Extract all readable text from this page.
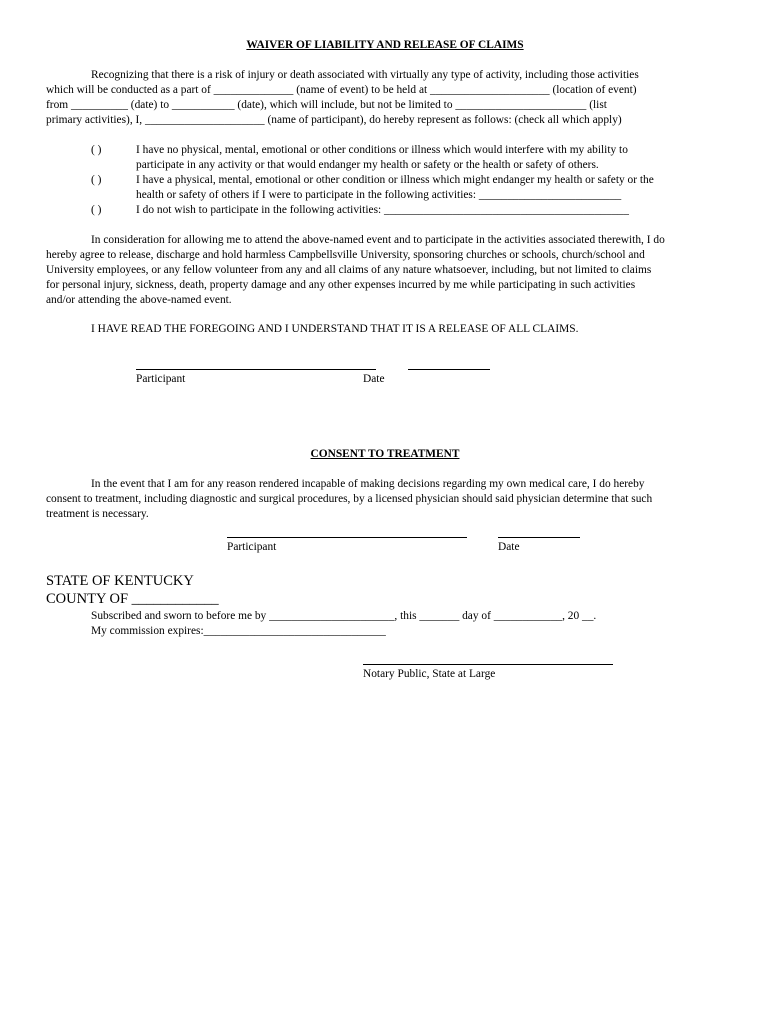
WAIVER OF LIABILITY AND RELEASE OF CLAIMS
Recognizing that there is a risk of injury or death associated with virtually any type of activity, including those activities
which will be conducted as a part of ______________ (name of event) to be held at _____________________ (location of event)
from __________ (date) to ___________ (date), which will include, but not be limited to _______________________ (list
primary activities), I, _____________________ (name of participant), do hereby represent as follows: (check all which apply)
( )	I have no physical, mental, emotional or other conditions or illness which would interfere with my ability to
participate in any activity or that would endanger my health or safety or the health or safety of others.
( )	I have a physical, mental, emotional or other condition or illness which might endanger my health or safety or the
health or safety of others if I were to participate in the following activities: _________________________
( )	I do not wish to participate in the following activities: ___________________________________________
In consideration for allowing me to attend the above-named event and to participate in the activities associated therewith, I do
hereby agree to release, discharge and hold harmless Campbellsville University, sponsoring churches or schools, church/school and
University employees, or any fellow volunteer from any and all claims of any nature whatsoever, including, but not limited to claims
for personal injury, sickness, death, property damage and any other expenses incurred by me while participating in such activities
and/or attending the above-named event.
I HAVE READ THE FOREGOING AND I UNDERSTAND THAT IT IS A RELEASE OF ALL CLAIMS.
Participant	Date
CONSENT TO TREATMENT
In the event that I am for any reason rendered incapable of making decisions regarding my own medical care, I do hereby
consent to treatment, including diagnostic and surgical procedures, by a licensed physician should said physician determine that such
treatment is necessary.
Participant	Date
STATE OF KENTUCKY
COUNTY OF ____________
Subscribed and sworn to before me by ______________________, this _______ day of ____________, 20 __.
My commission expires:________________________________
Notary Public, State at Large
